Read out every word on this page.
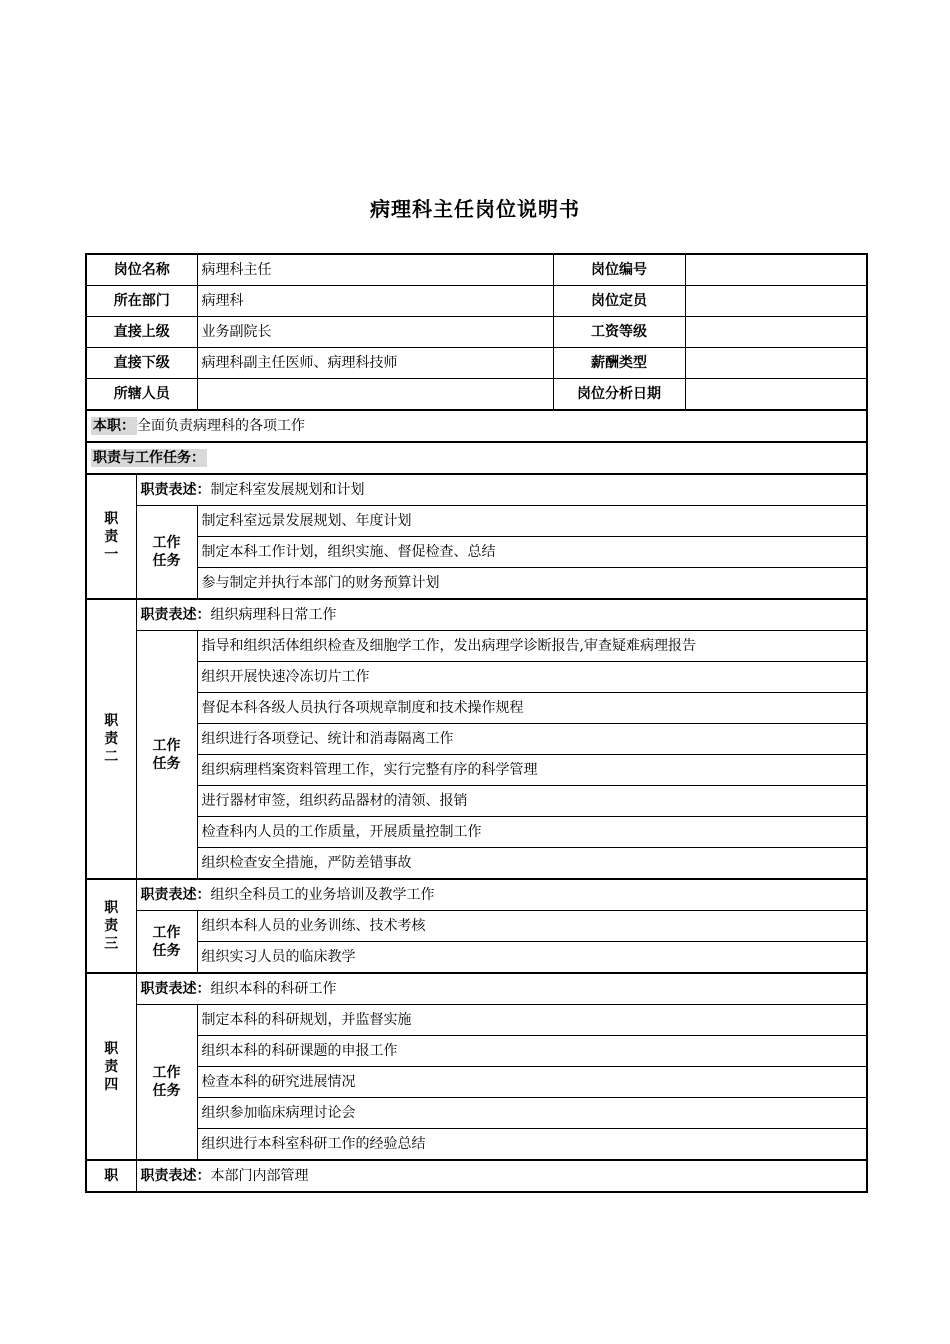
病理科主任岗位说明书
岗位名称		病理科主任	岗位编号	
所在部门		病理科	岗位定员	
直接上级		业务副院长	工资等级	
直接下级		病理科副主任医师、病理科技师	薪酬类型	
所辖人员			岗位分析日期	
本职： 全面负责病理科的各项工作				
职责与工作任务：				

职
责
一	职责表述：制定科室发展规划和计划			

	工作
任务	制定科室远景发展规划、年度计划		
		制定本科工作计划，组织实施、督促检查、总结		
		参与制定并执行本部门的财务预算计划		

职
责
二	职责表述：组织病理科日常工作			

	工作
任务	指导和组织活体组织检查及细胞学工作，发出病理学诊断报告,审查疑难病理报告		
		组织开展快速冷冻切片工作		
		督促本科各级人员执行各项规章制度和技术操作规程		
		组织进行各项登记、统计和消毒隔离工作		
		组织病理档案资料管理工作，实行完整有序的科学管理		
		进行器材审签，组织药品器材的清领、报销		
		检查科内人员的工作质量，开展质量控制工作		
		组织检查安全措施，严防差错事故		

职
责
三	职责表述：组织全科员工的业务培训及教学工作			

	工作
任务	组织本科人员的业务训练、技术考核		
		组织实习人员的临床教学		

职
责
四	职责表述：组织本科的科研工作			

	工作
任务	制定本科的科研规划，并监督实施		
		组织本科的科研课题的申报工作		
		检查本科的研究进展情况		
		组织参加临床病理讨论会		
		组织进行本科室科研工作的经验总结		

职	职责表述：本部门内部管理			
